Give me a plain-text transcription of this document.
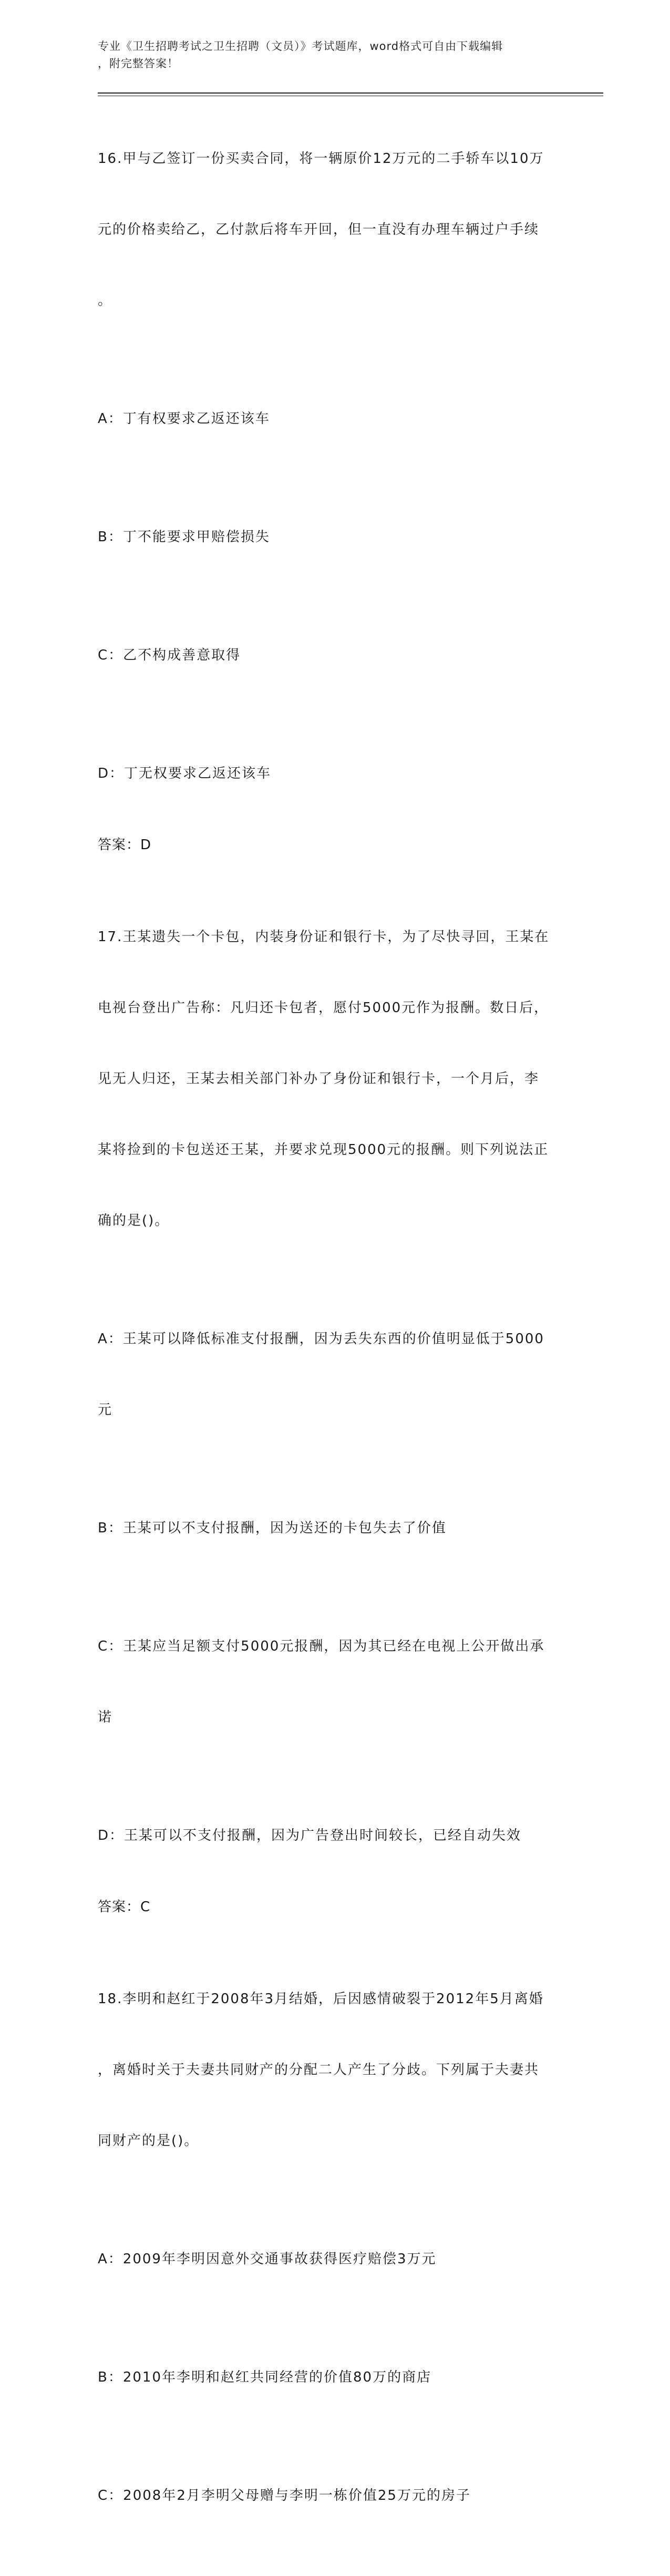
专业《卫生招聘考试之卫生招聘（文员）》考试题库，word格式可自由下载编辑
，附完整答案！

16.甲与乙签订一份买卖合同，将一辆原价12万元的二手轿车以10万

元的价格卖给乙，乙付款后将车开回，但一直没有办理车辆过户手续

。

A：丁有权要求乙返还该车

B：丁不能要求甲赔偿损失

C：乙不构成善意取得

D：丁无权要求乙返还该车

答案：D

17.王某遗失一个卡包，内装身份证和银行卡，为了尽快寻回，王某在

电视台登出广告称：凡归还卡包者，愿付5000元作为报酬。数日后，

见无人归还，王某去相关部门补办了身份证和银行卡，一个月后，李

某将捡到的卡包送还王某，并要求兑现5000元的报酬。则下列说法正

确的是()。

A：王某可以降低标准支付报酬，因为丢失东西的价值明显低于5000

元

B：王某可以不支付报酬，因为送还的卡包失去了价值

C：王某应当足额支付5000元报酬，因为其已经在电视上公开做出承

诺

D：王某可以不支付报酬，因为广告登出时间较长，已经自动失效

答案：C

18.李明和赵红于2008年3月结婚，后因感情破裂于2012年5月离婚

，离婚时关于夫妻共同财产的分配二人产生了分歧。下列属于夫妻共

同财产的是()。

A：2009年李明因意外交通事故获得医疗赔偿3万元

B：2010年李明和赵红共同经营的价值80万的商店

C：2008年2月李明父母赠与李明一栋价值25万元的房子
